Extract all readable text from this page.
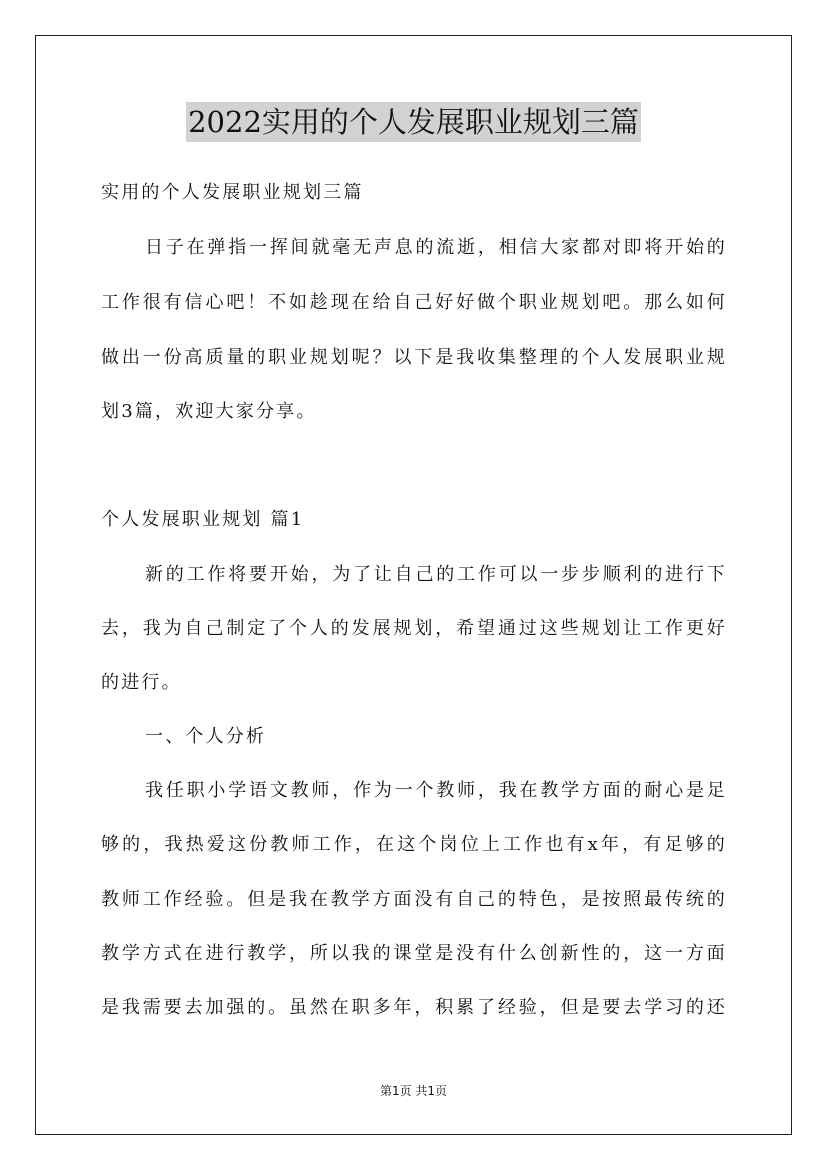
2022实用的个人发展职业规划三篇
实用的个人发展职业规划三篇
日子在弹指一挥间就毫无声息的流逝，相信大家都对即将开始的
工作很有信心吧！不如趁现在给自己好好做个职业规划吧。那么如何
做出一份高质量的职业规划呢？以下是我收集整理的个人发展职业规
划3篇，欢迎大家分享。
个人发展职业规划 篇1
新的工作将要开始，为了让自己的工作可以一步步顺利的进行下
去，我为自己制定了个人的发展规划，希望通过这些规划让工作更好
的进行。
一、个人分析
我任职小学语文教师，作为一个教师，我在教学方面的耐心是足
够的，我热爱这份教师工作，在这个岗位上工作也有x年，有足够的
教师工作经验。但是我在教学方面没有自己的特色，是按照最传统的
教学方式在进行教学，所以我的课堂是没有什么创新性的，这一方面
是我需要去加强的。虽然在职多年，积累了经验，但是要去学习的还
第1页 共1页
